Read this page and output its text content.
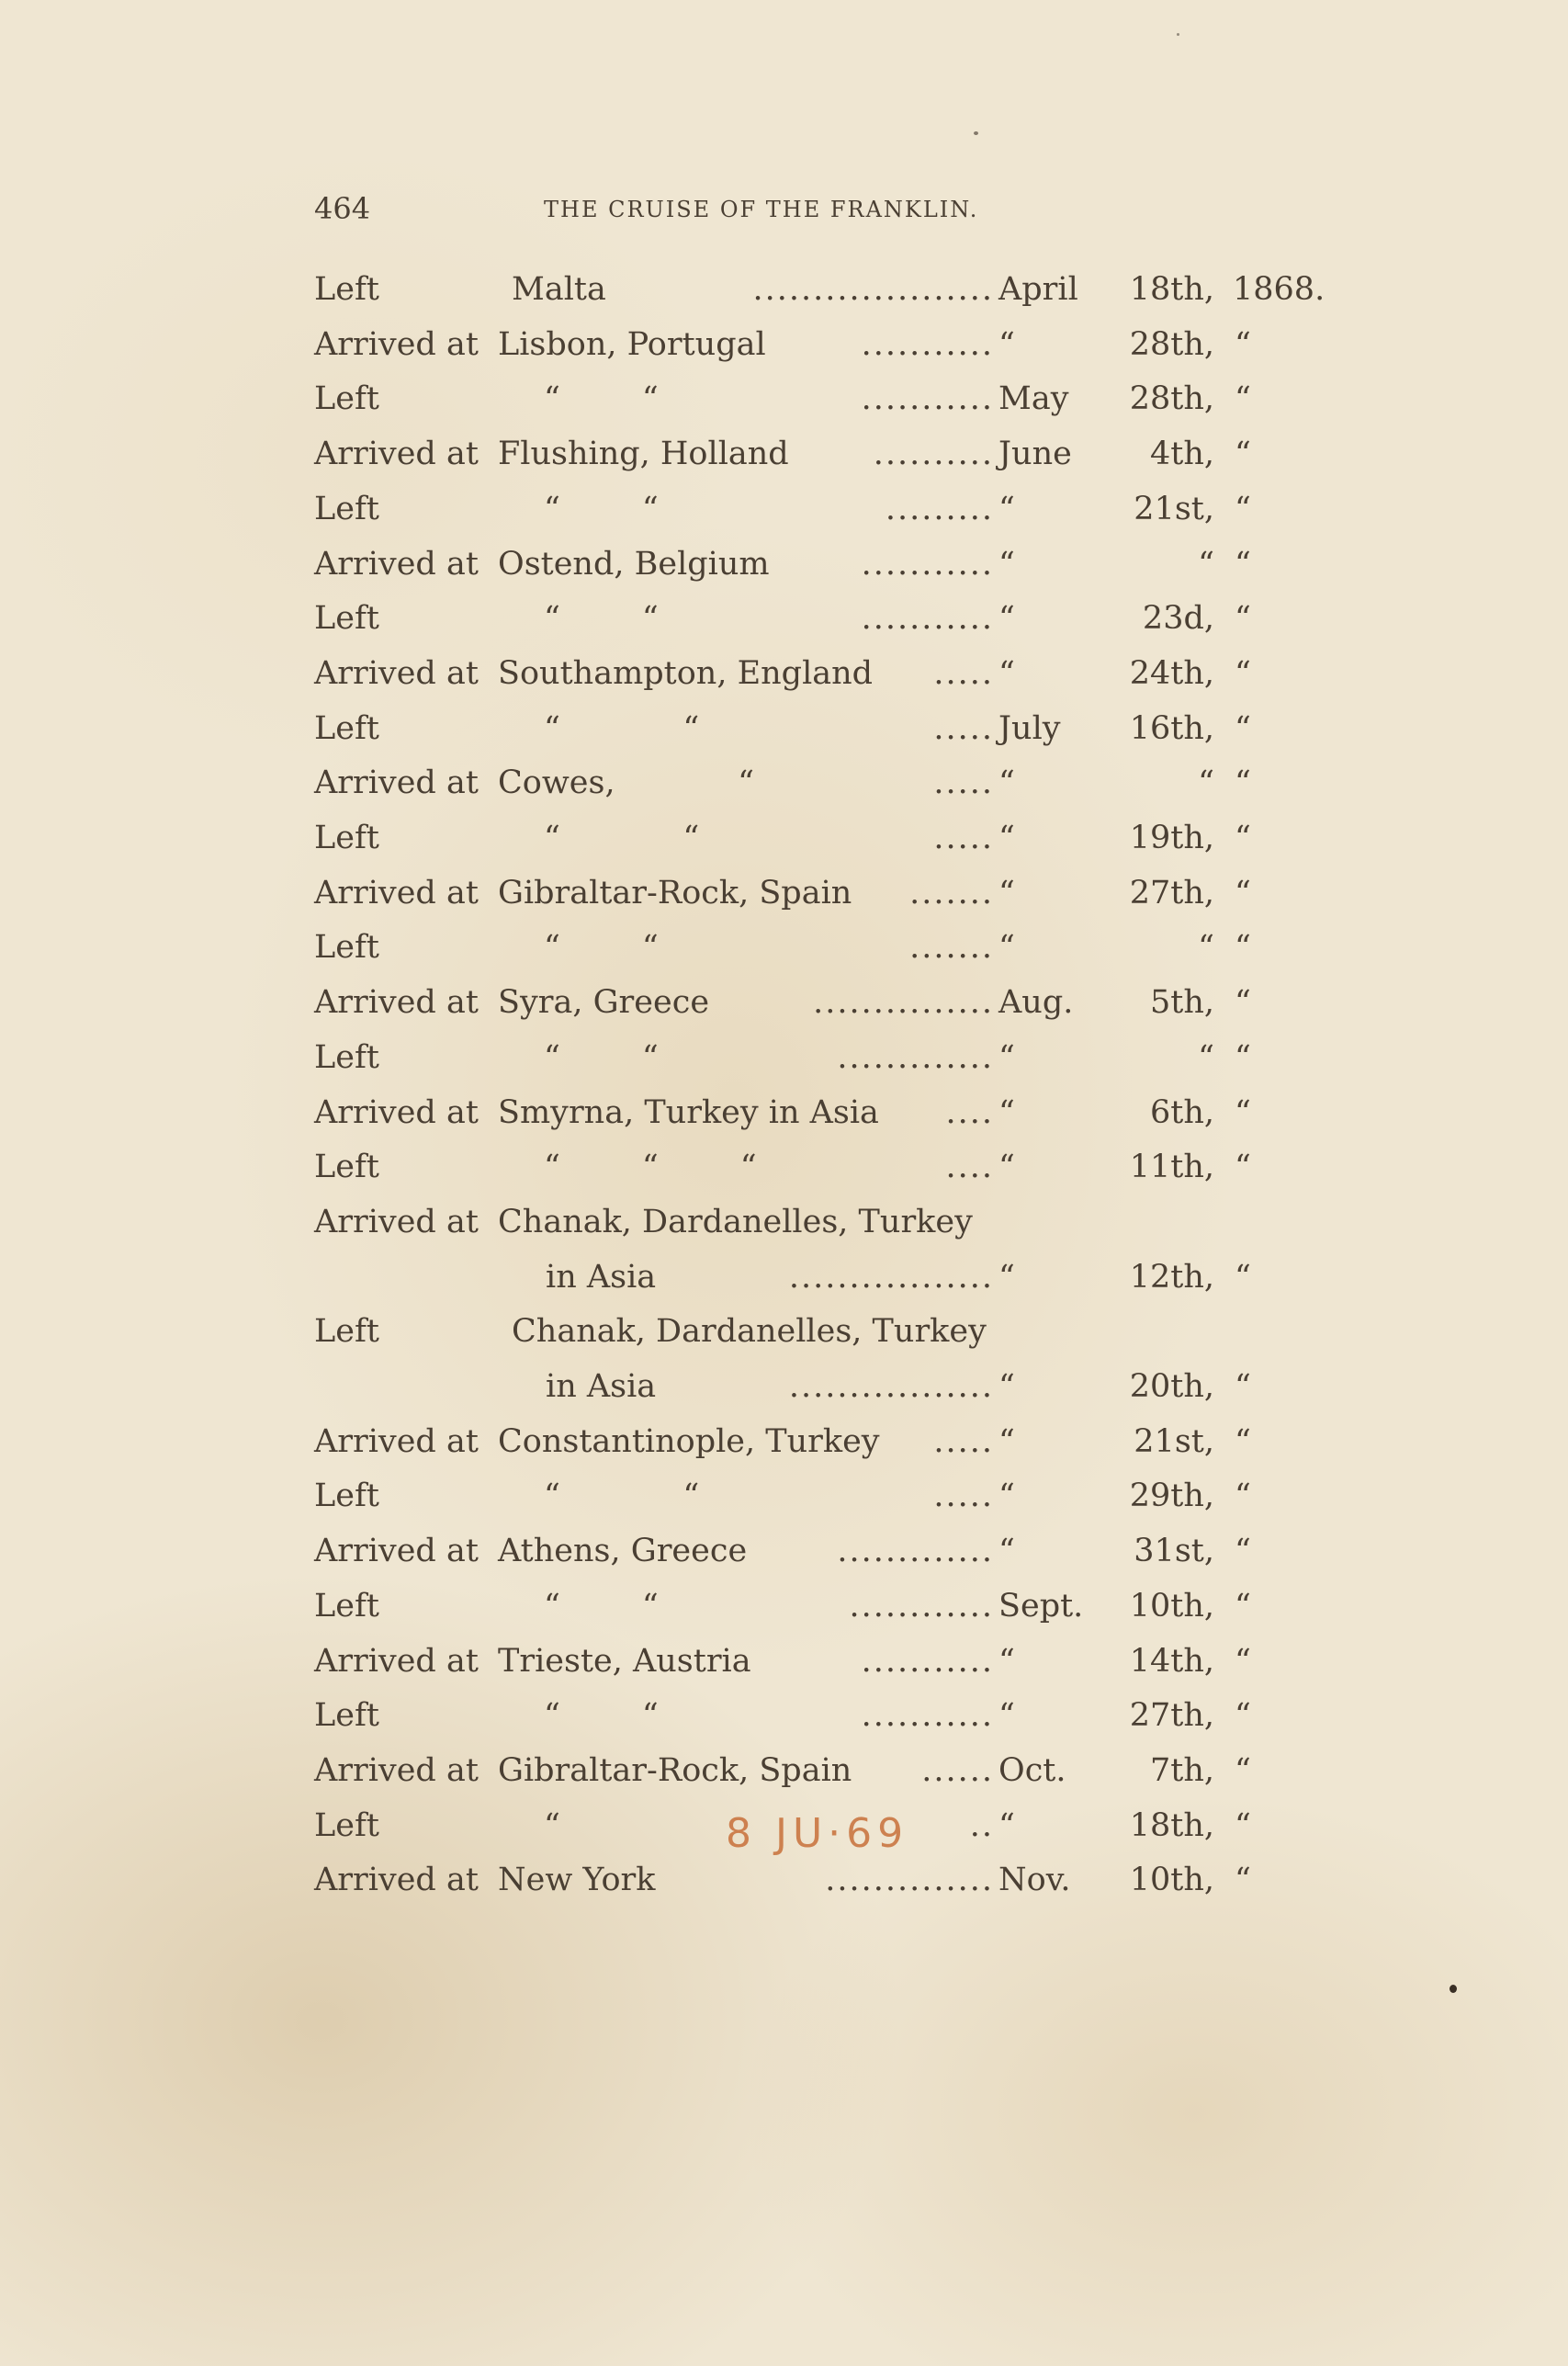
464	THE CRUISE OF THE FRANKLIN.
Left	Malta	.................... April	18th, 1868.
Arrived at Lisbon, Portugal	........... “	28th, “
Left	“        “	........... May	28th, “
Arrived at Flushing, Holland	.......... June	4th, “
Left	“        “	......... “	21st, “
Arrived at Ostend, Belgium	........... “	“ “
Left	“        “	........... “	23d, “
Arrived at Southampton, England ..... “	24th, “
Left	“            “	..... July	16th, “
Arrived at Cowes,            “	..... “	“ “
Left	“            “	..... “	19th, “
Arrived at Gibraltar-Rock, Spain ....... “	27th, “
Left	“        “	....... “	“ “
Arrived at Syra, Greece	............... Aug.	5th, “
Left	“        “	............. “	“ “
Arrived at Smyrna, Turkey in Asia .... “	6th, “
Left	“        “        “	.... “	11th, “
Arrived at Chanak, Dardanelles, Turkey
in Asia	................. “	12th, “
Left	Chanak, Dardanelles, Turkey
in Asia	................. “	20th, “
Arrived at Constantinople, Turkey ..... “	21st, “
Left	“            “	..... “	29th, “
Arrived at Athens, Greece	............. “	31st, “
Left	“        “	............ Sept.	10th, “
Arrived at Trieste, Austria	........... “	14th, “
Left	“        “	........... “	27th, “
Arrived at Gibraltar-Rock, Spain ...... Oct.	7th, “
Left	“	.. “	18th, “
Arrived at New York	.............. Nov.	10th, “
8 JU·69
